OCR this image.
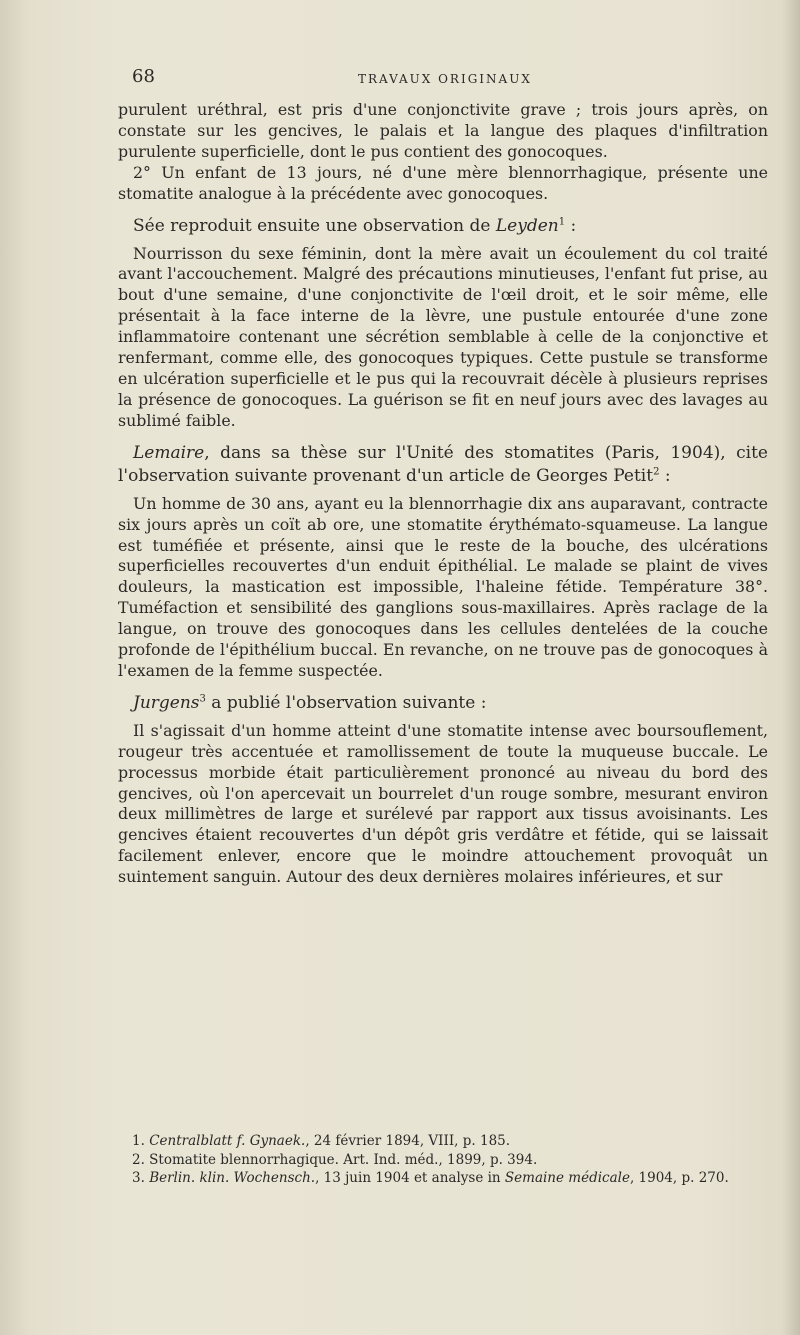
68	TRAVAUX ORIGINAUX

purulent uréthral, est pris d'une conjonctivite grave ; trois jours après, on constate sur les gencives, le palais et la langue des plaques d'infiltration purulente superficielle, dont le pus contient des gonocoques.

2° Un enfant de 13 jours, né d'une mère blennorrhagique, présente une stomatite analogue à la précédente avec gonocoques.

Sée reproduit ensuite une observation de Leyden$^1$ :

Nourrisson du sexe féminin, dont la mère avait un écoulement du col traité avant l'accouchement. Malgré des précautions minutieuses, l'enfant fut prise, au bout d'une semaine, d'une conjonctivite de l'œil droit, et le soir même, elle présentait à la face interne de la lèvre, une pustule entourée d'une zone inflammatoire contenant une sécrétion semblable à celle de la conjonctive et renfermant, comme elle, des gonocoques typiques. Cette pustule se transforme en ulcération superficielle et le pus qui la recouvrait décèle à plusieurs reprises la présence de gonocoques. La guérison se fit en neuf jours avec des lavages au sublimé faible.

Lemaire, dans sa thèse sur l'Unité des stomatites (Paris, 1904), cite l'observation suivante provenant d'un article de Georges Petit$^2$ :

Un homme de 30 ans, ayant eu la blennorrhagie dix ans auparavant, contracte six jours après un coït ab ore, une stomatite érythémato-squameuse. La langue est tuméfiée et présente, ainsi que le reste de la bouche, des ulcérations superficielles recouvertes d'un enduit épithélial. Le malade se plaint de vives douleurs, la mastication est impossible, l'haleine fétide. Température 38°. Tuméfaction et sensibilité des ganglions sous-maxillaires. Après raclage de la langue, on trouve des gonocoques dans les cellules dentelées de la couche profonde de l'épithélium buccal. En revanche, on ne trouve pas de gonocoques à l'examen de la femme suspectée.

Jurgens$^3$ a publié l'observation suivante :

Il s'agissait d'un homme atteint d'une stomatite intense avec boursouflement, rougeur très accentuée et ramollissement de toute la muqueuse buccale. Le processus morbide était particulièrement prononcé au niveau du bord des gencives, où l'on apercevait un bourrelet d'un rouge sombre, mesurant environ deux millimètres de large et surélevé par rapport aux tissus avoisinants. Les gencives étaient recouvertes d'un dépôt gris verdâtre et fétide, qui se laissait facilement enlever, encore que le moindre attouchement provoquât un suintement sanguin. Autour des deux dernières molaires inférieures, et sur

1. Centralblatt f. Gynaek., 24 février 1894, VIII, p. 185.

2. Stomatite blennorrhagique. Art. Ind. méd., 1899, p. 394.

3. Berlin. klin. Wochensch., 13 juin 1904 et analyse in Semaine médicale, 1904, p. 270.
